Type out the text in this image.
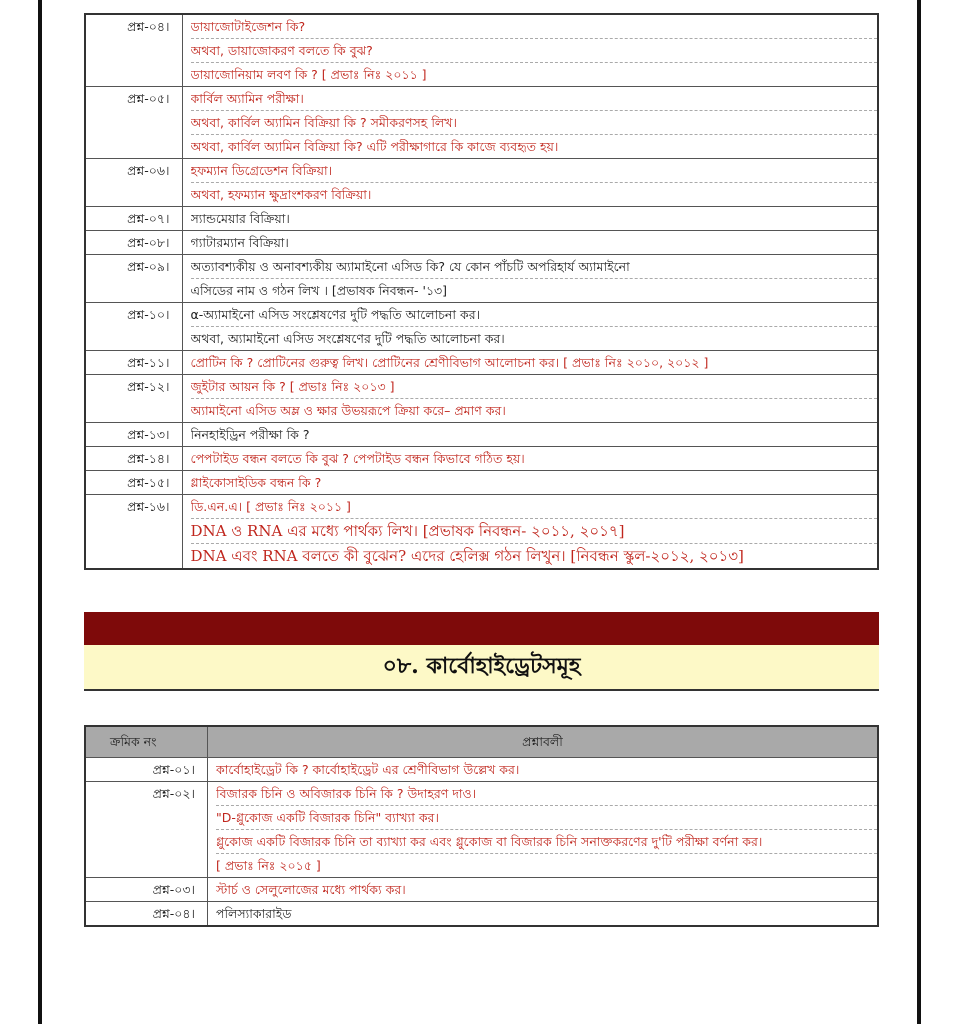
প্রশ্ন-০৪।	ডায়াজোটাইজেশন কি?
অথবা, ডায়াজোকরণ বলতে কি বুঝ?
ডায়াজোনিয়াম লবণ কি ? [ প্রভাঃ নিঃ ২০১১ ]

প্রশ্ন-০৫।	কার্বিল অ্যামিন পরীক্ষা।
অথবা, কার্বিল অ্যামিন বিক্রিয়া কি ? সমীকরণসহ লিখ।
অথবা, কার্বিল অ্যামিন বিক্রিয়া কি? এটি পরীক্ষাগারে কি কাজে ব্যবহৃত হয়।

প্রশ্ন-০৬।	হফম্যান ডিগ্রেডেশন বিক্রিয়া।
অথবা, হফম্যান ক্ষুদ্রাংশকরণ বিক্রিয়া।

প্রশ্ন-০৭।	স্যান্ডমেয়ার বিক্রিয়া।

প্রশ্ন-০৮।	গ্যাটারম্যান বিক্রিয়া।

প্রশ্ন-০৯।	অত্যাবশ্যকীয় ও অনাবশ্যকীয় অ্যামাইনো এসিড কি? যে কোন পাঁচটি অপরিহার্য অ্যামাইনো
এসিডের নাম ও গঠন লিখ । [প্রভাষক নিবন্ধন- '১৩]

প্রশ্ন-১০।	α-অ্যামাইনো এসিড সংশ্লেষণের দুটি পদ্ধতি আলোচনা কর।
অথবা, অ্যামাইনো এসিড সংশ্লেষণের দুটি পদ্ধতি আলোচনা কর।

প্রশ্ন-১১।	প্রোটিন কি ? প্রোটিনের গুরুত্ব লিখ। প্রোটিনের শ্রেণীবিভাগ আলোচনা কর। [ প্রভাঃ নিঃ ২০১০, ২০১২ ]

প্রশ্ন-১২।	জুইটার আয়ন কি ? [ প্রভাঃ নিঃ ২০১৩ ]
অ্যামাইনো এসিড অম্ল ও ক্ষার উভয়রূপে ক্রিয়া করে– প্রমাণ কর।

প্রশ্ন-১৩।	নিনহাইড্রিন পরীক্ষা কি ?

প্রশ্ন-১৪।	পেপটাইড বন্ধন বলতে কি বুঝ ? পেপটাইড বন্ধন কিভাবে গঠিত হয়।

প্রশ্ন-১৫।	গ্লাইকোসাইডিক বন্ধন কি ?

প্রশ্ন-১৬।	ডি.এন.এ। [ প্রভাঃ নিঃ ২০১১ ]
DNA ও RNA এর মধ্যে পার্থক্য লিখ। [প্রভাষক নিবন্ধন- ২০১১, ২০১৭]
DNA এবং RNA বলতে কী বুঝেন? এদের হেলিক্স গঠন লিখুন। [নিবন্ধন স্কুল-২০১২, ২০১৩]
০৮. কার্বোহাইড্রেটসমূহ
ক্রমিক নং	প্রশ্নাবলী
প্রশ্ন-০১।	কার্বোহাইড্রেট কি ? কার্বোহাইড্রেট এর শ্রেণীবিভাগ উল্লেখ কর।

প্রশ্ন-০২।	বিজারক চিনি ও অবিজারক চিনি কি ? উদাহরণ দাও।
"D-গ্লুকোজ একটি বিজারক চিনি" ব্যাখ্যা কর।
গ্লুকোজ একটি বিজারক চিনি তা ব্যাখ্যা কর এবং গ্লুকোজ বা বিজারক চিনি সনাক্তকরণের দু'টি পরীক্ষা বর্ণনা কর।
[ প্রভাঃ নিঃ ২০১৫ ]

প্রশ্ন-০৩।	স্টার্চ ও সেলুলোজের মধ্যে পার্থক্য কর।

প্রশ্ন-০৪।	পলিস্যাকারাইড
